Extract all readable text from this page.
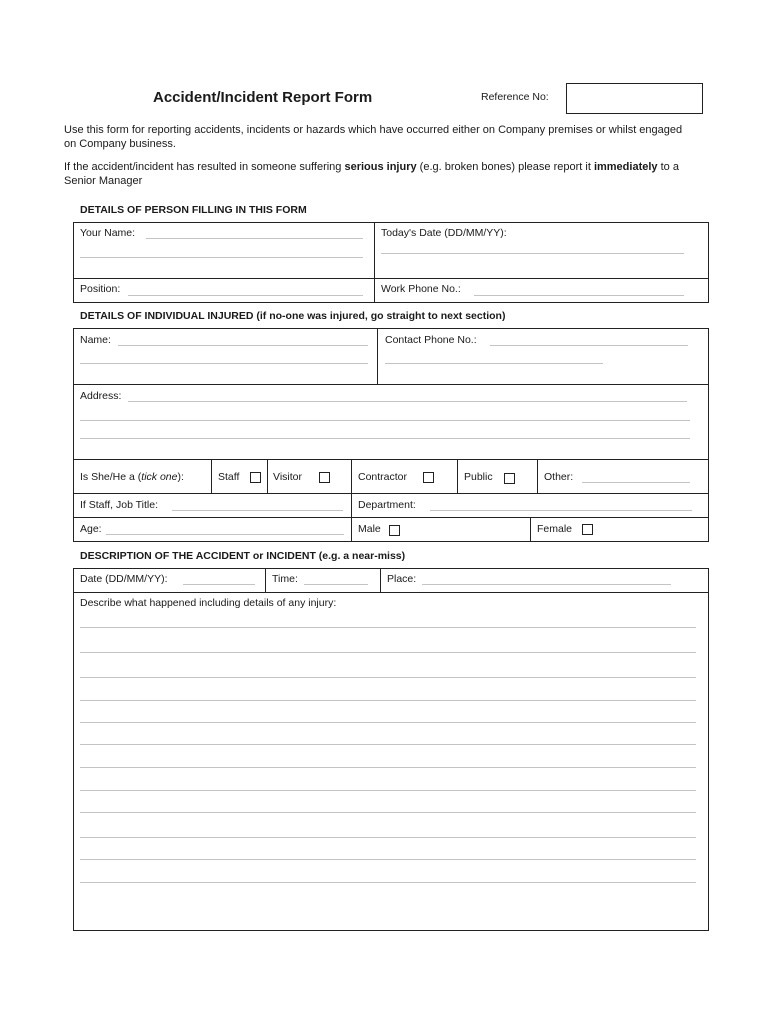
Accident/Incident Report Form	Reference No:
Use this form for reporting accidents, incidents or hazards which have occurred either on Company premises or whilst engaged on Company business.
If the accident/incident has resulted in someone suffering serious injury (e.g. broken bones) please report it immediately to a Senior Manager
DETAILS OF PERSON FILLING IN THIS FORM
Your Name:	Today's Date (DD/MM/YY):
Position:	Work Phone No.:
DETAILS OF INDIVIDUAL INJURED (if no-one was injured, go straight to next section)
Name:	Contact Phone No.:
Address:
Is She/He a (tick one):	Staff	Visitor	Contractor	Public	Other:
If Staff, Job Title:	Department:
Age:	Male	Female
DESCRIPTION OF THE ACCIDENT or INCIDENT (e.g. a near-miss)
Date (DD/MM/YY):	Time:	Place:
Describe what happened including details of any injury:
